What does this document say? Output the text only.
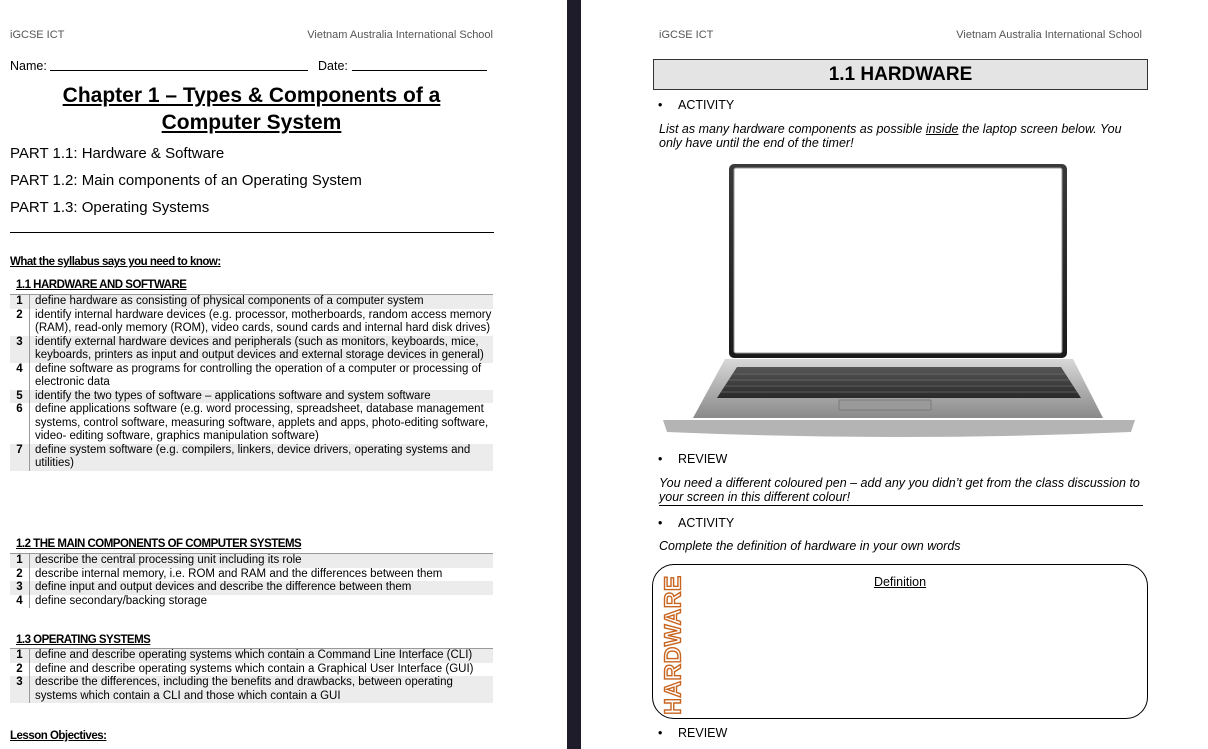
iGCSE ICT	Vietnam Australia International School
Name:	Date:
Chapter 1 – Types & Components of a
Computer System
PART 1.1: Hardware & Software
PART 1.2: Main components of an Operating System
PART 1.3: Operating Systems
What the syllabus says you need to know:
1.1 HARDWARE AND SOFTWARE
1	define hardware as consisting of physical components of a computer system
2	identify internal hardware devices (e.g. processor, motherboards, random access memory (RAM), read-only memory (ROM), video cards, sound cards and internal hard disk drives)
3	identify external hardware devices and peripherals (such as monitors, keyboards, mice, keyboards, printers as input and output devices and external storage devices in general)
4	define software as programs for controlling the operation of a computer or processing of electronic data
5	identify the two types of software – applications software and system software
6	define applications software (e.g. word processing, spreadsheet, database management systems, control software, measuring software, applets and apps, photo-editing software, video- editing software, graphics manipulation software)
7	define system software (e.g. compilers, linkers, device drivers, operating systems and utilities)
1.2 THE MAIN COMPONENTS OF COMPUTER SYSTEMS
1	describe the central processing unit including its role
2	describe internal memory, i.e. ROM and RAM and the differences between them
3	define input and output devices and describe the difference between them
4	define secondary/backing storage
1.3 OPERATING SYSTEMS
1	define and describe operating systems which contain a Command Line Interface (CLI)
2	define and describe operating systems which contain a Graphical User Interface (GUI)
3	describe the differences, including the benefits and drawbacks, between operating systems which contain a CLI and those which contain a GUI
Lesson Objectives:
iGCSE ICT	Vietnam Australia International School
1.1 HARDWARE
• ACTIVITY
List as many hardware components as possible inside the laptop screen below. You only have until the end of the timer!
• REVIEW
You need a different coloured pen – add any you didn’t get from the class discussion to your screen in this different colour!
• ACTIVITY
Complete the definition of hardware in your own words
Definition
HARDWARE
• REVIEW
